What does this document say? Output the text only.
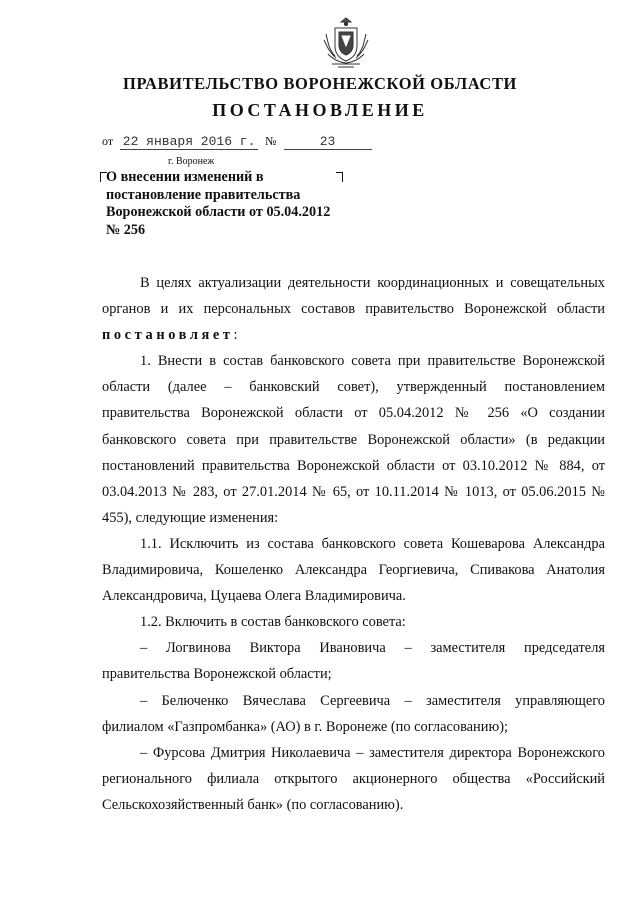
ПРАВИТЕЛЬСТВО ВОРОНЕЖСКОЙ ОБЛАСТИ
ПОСТАНОВЛЕНИЕ
от 22 января 2016 г. №	23
г. Воронеж
О внесении изменений в
постановление правительства
Воронежской области от 05.04.2012
№ 256

В целях актуализации деятельности координационных и совещательных органов и их персональных составов правительство Воронежской области постановляет:

1. Внести в состав банковского совета при правительстве Воронежской области (далее – банковский совет), утвержденный постановлением правительства Воронежской области от 05.04.2012 № 256 «О создании банковского совета при правительстве Воронежской области» (в редакции постановлений правительства Воронежской области от 03.10.2012 № 884, от 03.04.2013 № 283, от 27.01.2014 № 65, от 10.11.2014 № 1013, от 05.06.2015 № 455), следующие изменения:

1.1. Исключить из состава банковского совета Кошеварова Александра Владимировича, Кошеленко Александра Георгиевича, Спивакова Анатолия Александровича, Цуцаева Олега Владимировича.

1.2. Включить в состав банковского совета:

– Логвинова Виктора Ивановича – заместителя председателя правительства Воронежской области;

– Белюченко Вячеслава Сергеевича – заместителя управляющего филиалом «Газпромбанка» (АО) в г. Воронеже (по согласованию);

– Фурсова Дмитрия Николаевича – заместителя директора Воронежского регионального филиала открытого акционерного общества «Российский Сельскохозяйственный банк» (по согласованию).
